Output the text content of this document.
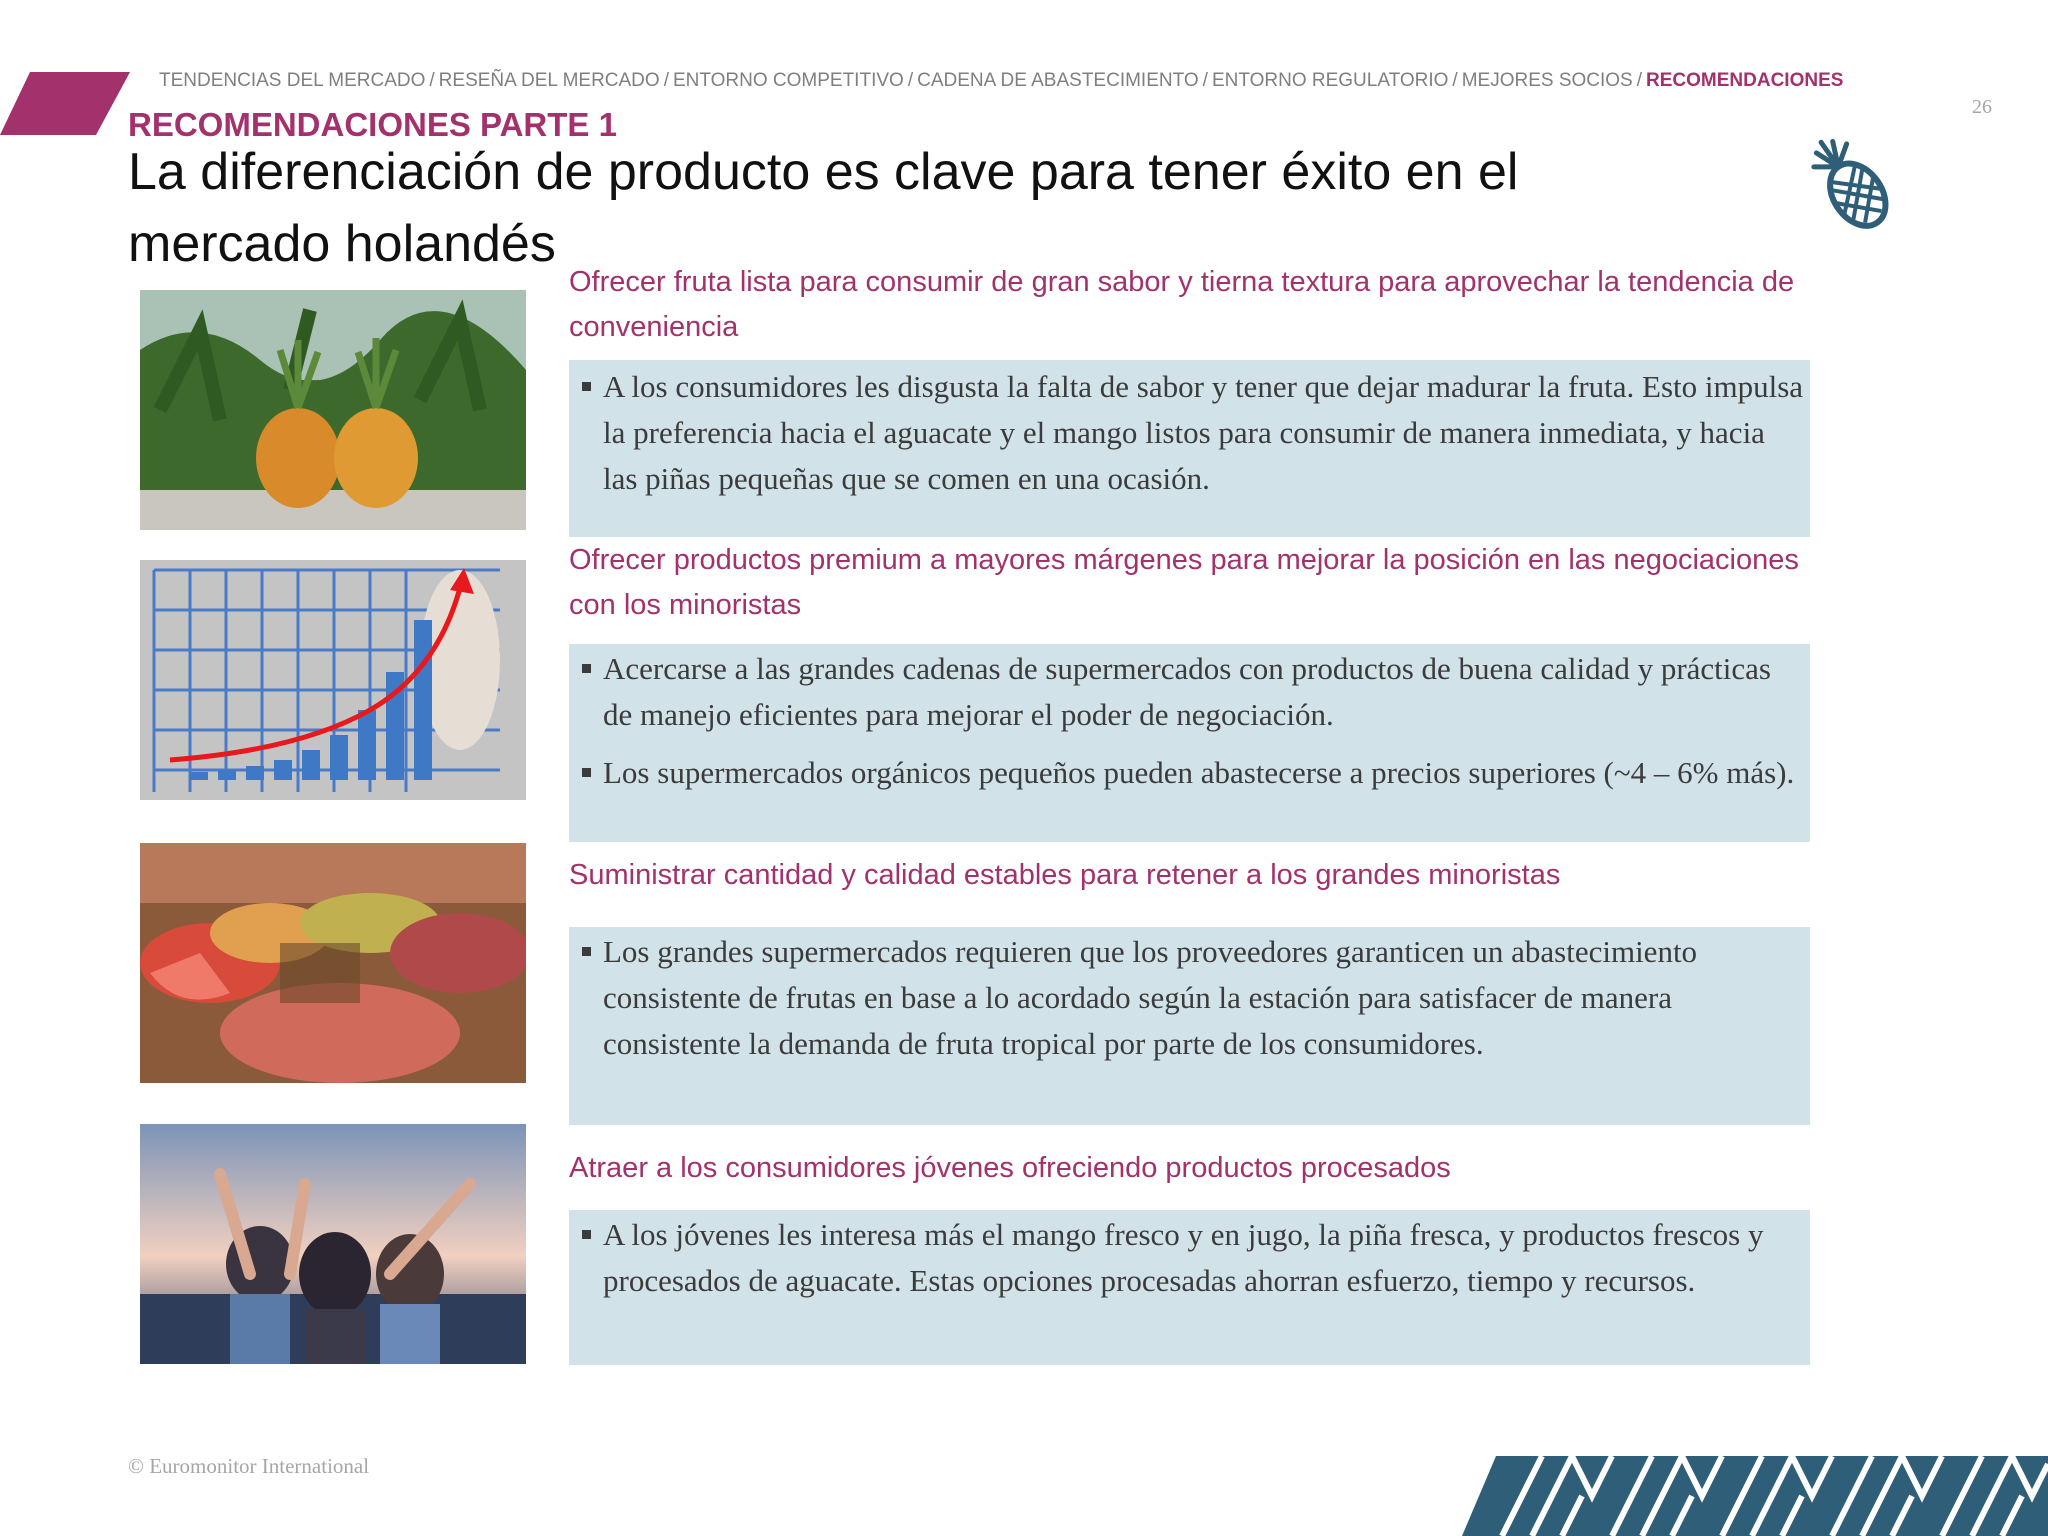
TENDENCIAS DEL MERCADO / RESEÑA DEL MERCADO / ENTORNO COMPETITIVO / CADENA DE ABASTECIMIENTO / ENTORNO REGULATORIO / MEJORES SOCIOS / RECOMENDACIONES
26
RECOMENDACIONES PARTE 1
La diferenciación de producto es clave para tener éxito en el mercado holandés
Ofrecer fruta lista para consumir de gran sabor y tierna textura para aprovechar la tendencia de conveniencia
A los consumidores les disgusta la falta de sabor y tener que dejar madurar la fruta. Esto impulsa la preferencia hacia el aguacate y el mango listos para consumir de manera inmediata, y hacia las piñas pequeñas que se comen en una ocasión.
Ofrecer productos premium a mayores márgenes para mejorar la posición en las negociaciones con los minoristas
Acercarse a las grandes cadenas de supermercados con productos de buena calidad y prácticas de manejo eficientes para mejorar el poder de negociación.
Los supermercados orgánicos pequeños pueden abastecerse a precios superiores (~4 – 6% más).
Suministrar cantidad y calidad estables para retener a los grandes minoristas
Los grandes supermercados requieren que los proveedores garanticen un abastecimiento consistente de frutas en base a lo acordado según la estación para satisfacer de manera consistente la demanda de fruta tropical por parte de los consumidores.
Atraer a los consumidores jóvenes ofreciendo productos procesados
A los jóvenes les interesa más el mango fresco y en jugo, la piña fresca, y productos frescos y procesados de aguacate. Estas opciones procesadas ahorran esfuerzo, tiempo y recursos.
© Euromonitor International
